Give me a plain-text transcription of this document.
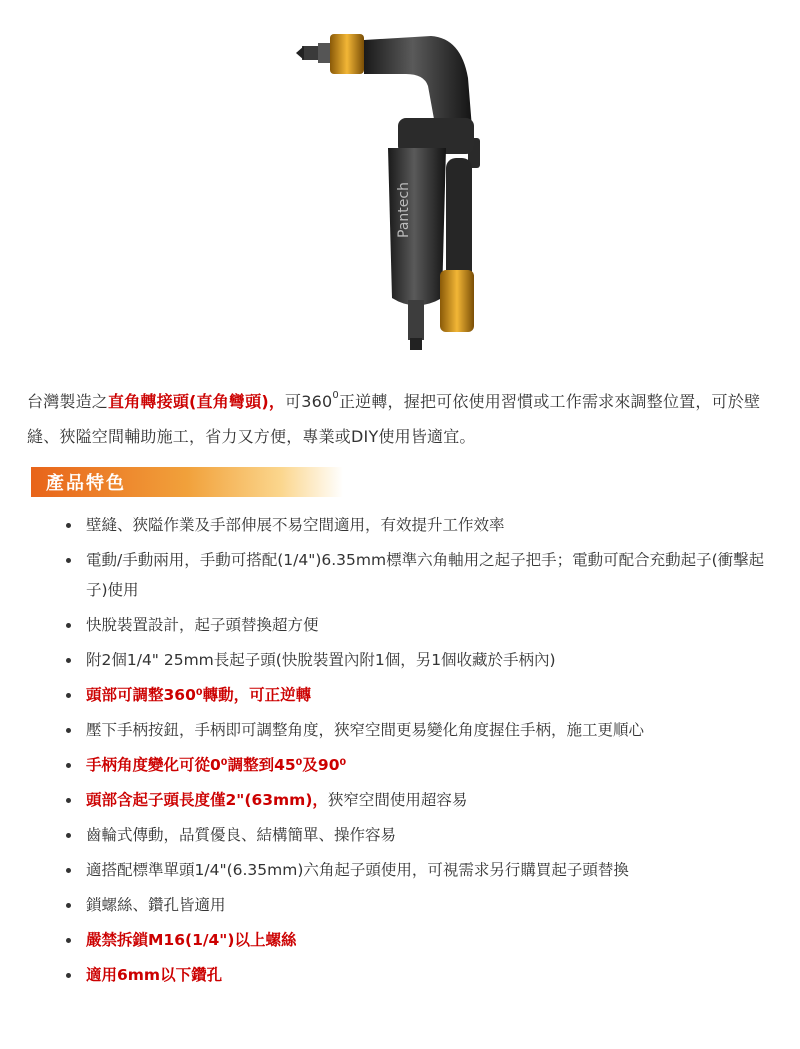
Pantech
台灣製造之直角轉接頭(直角彎頭)，可$360^0$正逆轉，握把可依使用習慣或工作需求來調整位置，可於壁縫、狹隘空間輔助施工，省力又方便，專業或DIY使用皆適宜。
產品特色
壁縫、狹隘作業及手部伸展不易空間適用，有效提升工作效率
電動/手動兩用，手動可搭配(1/4")6.35mm標準六角軸用之起子把手；電動可配合充動起子(衝擊起子)使用
快脫裝置設計，起子頭替換超方便
附2個1/4" 25mm長起子頭(快脫裝置內附1個，另1個收藏於手柄內)
頭部可調整360⁰轉動，可正逆轉
壓下手柄按鈕，手柄即可調整角度，狹窄空間更易變化角度握住手柄，施工更順心
手柄角度變化可從0⁰調整到45⁰及90⁰
頭部含起子頭長度僅2"(63mm)，狹窄空間使用超容易
齒輪式傳動，品質優良、結構簡單、操作容易
適搭配標準單頭1/4"(6.35mm)六角起子頭使用，可視需求另行購買起子頭替換
鎖螺絲、鑽孔皆適用
嚴禁拆鎖M16(1/4")以上螺絲
適用6mm以下鑽孔
